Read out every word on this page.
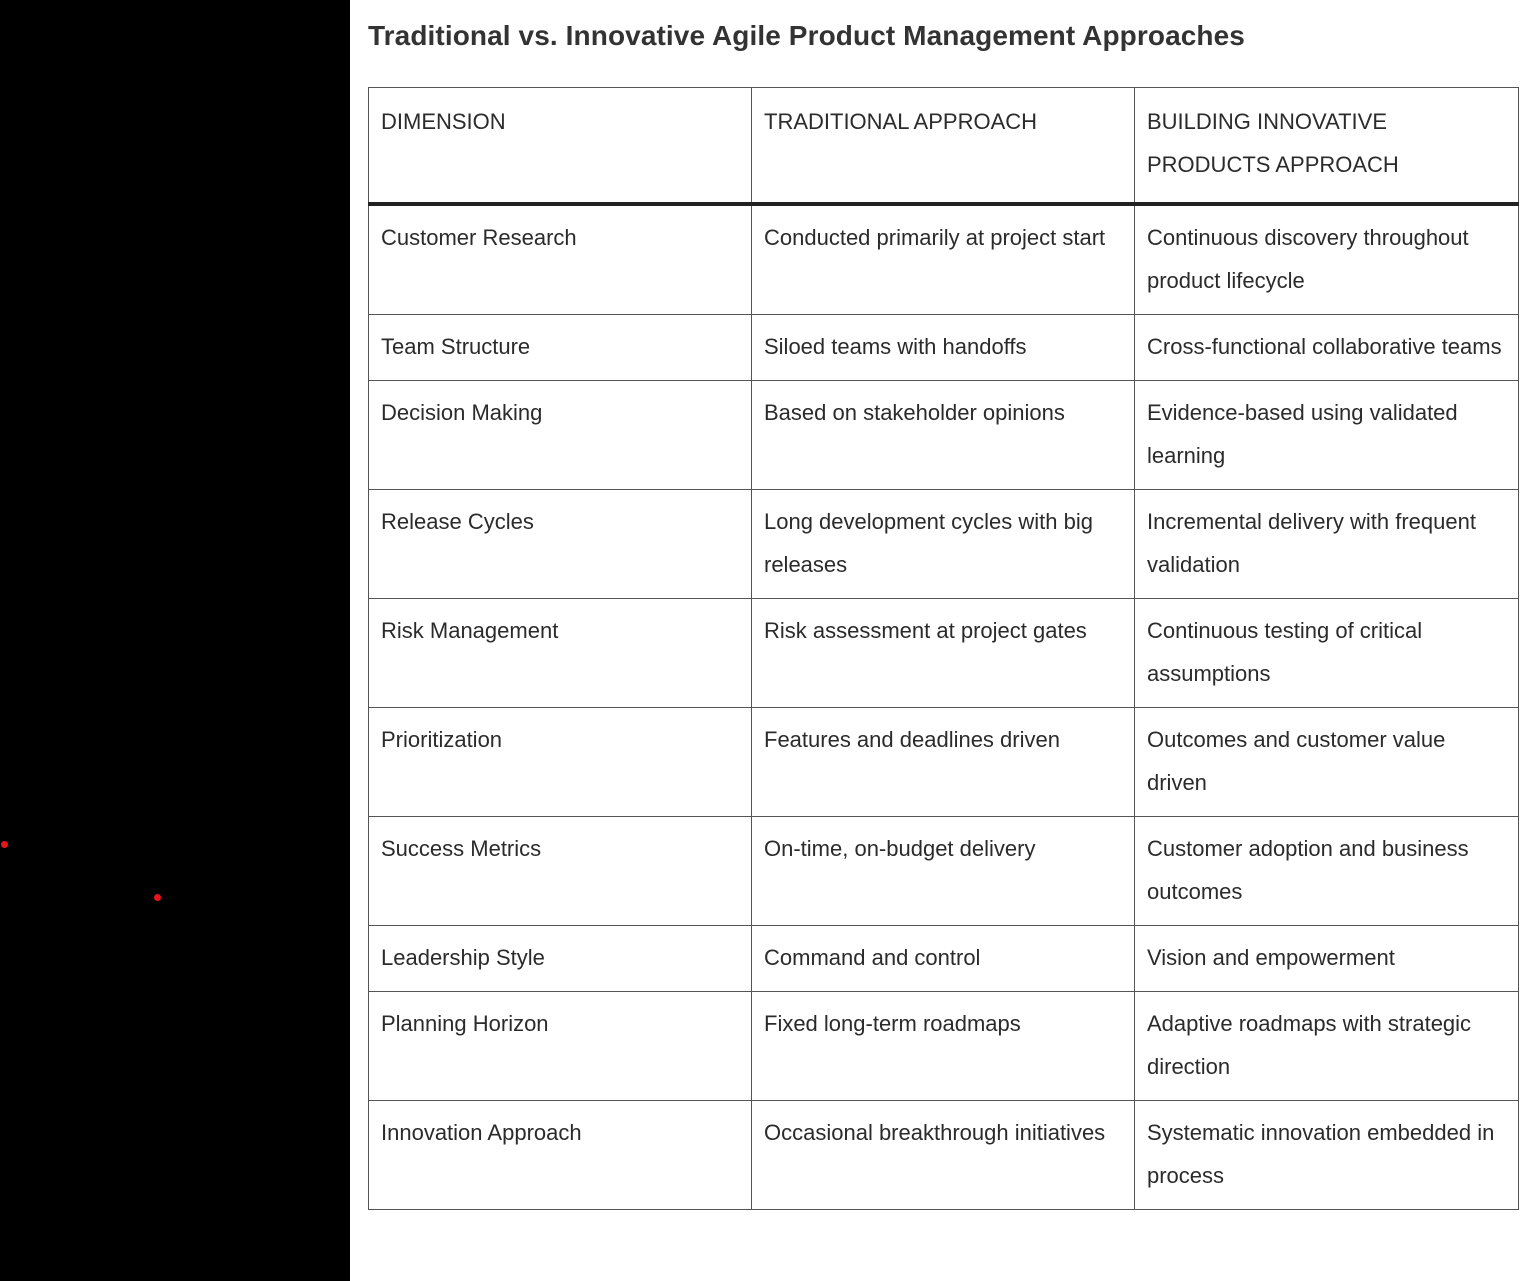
Traditional vs. Innovative Agile Product Management Approaches
DIMENSION	TRADITIONAL APPROACH	BUILDING INNOVATIVE PRODUCTS APPROACH
Customer Research	Conducted primarily at project start	Continuous discovery throughout product lifecycle
Team Structure	Siloed teams with handoffs	Cross-functional collaborative teams
Decision Making	Based on stakeholder opinions	Evidence-based using validated learning
Release Cycles	Long development cycles with big releases	Incremental delivery with frequent validation
Risk Management	Risk assessment at project gates	Continuous testing of critical assumptions
Prioritization	Features and deadlines driven	Outcomes and customer value driven
Success Metrics	On-time, on-budget delivery	Customer adoption and business outcomes
Leadership Style	Command and control	Vision and empowerment
Planning Horizon	Fixed long-term roadmaps	Adaptive roadmaps with strategic direction
Innovation Approach	Occasional breakthrough initiatives	Systematic innovation embedded in process
